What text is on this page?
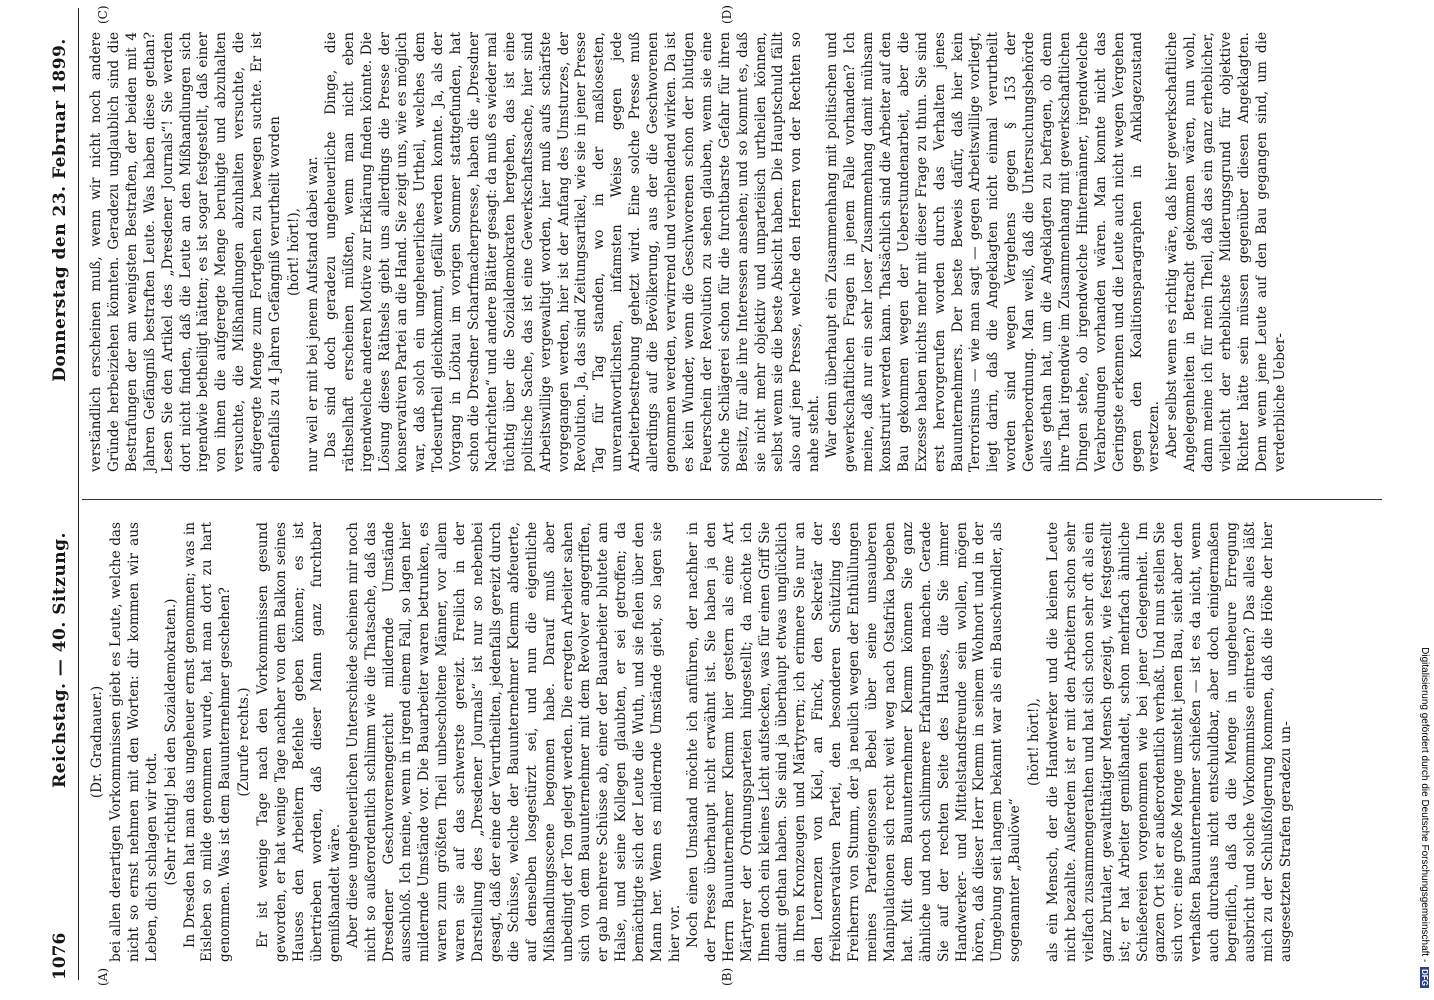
1076
Reichstag. — 40. Sitzung.
Donnerstag den 23. Februar 1899.
(A)	(B)
(C)	(D)

(Dr. Gradnauer.) bei allen derartigen Vorkommnissen giebt es Leute, welche das nicht so ernst nehmen mit den Worten: dir kommen wir aus Leben, dich schlagen wir todt. (Sehr richtig! bei den Sozialdemokraten.) In Dresden hat man das ungeheuer ernst genommen; was in Eisleben so milde genommen wurde, hat man dort zu hart genommen. Was ist dem Bauunternehmer geschehen? (Zurufe rechts.) Er ist wenige Tage nach den Vorkommnissen gesund geworden, er hat wenige Tage nachher von dem Balkon seines Hauses den Arbeitern Befehle geben können; es ist übertrieben worden, daß dieser Mann ganz furchtbar gemißhandelt wäre. Aber diese ungeheuerlichen Unterschiede scheinen mir noch nicht so außerordentlich schlimm wie die Thatsache, daß das Dresdener Geschworenengericht mildernde Umstände ausschloß. Ich meine, wenn in irgend einem Fall, so lagen hier mildernde Umstände vor. Die Bauarbeiter waren betrunken, es waren zum größten Theil unbescholtene Männer, vor allem waren sie auf das schwerste gereizt. Freilich in der Darstellung des „Dresdener Journals“ ist nur so nebenbei gesagt, daß der eine der Verurtheilten, jedenfalls gereizt durch die Schüsse, welche der Bauunternehmer Klemm abfeuerte, auf denselben losgestürzt sei, und nun die eigentliche Mißhandlungsscene begonnen habe. Darauf muß aber unbedingt der Ton gelegt werden. Die erregten Arbeiter sahen sich von dem Bauunternehmer mit dem Revolver angegriffen, er gab mehrere Schüsse ab, einer der Bauarbeiter blutete am Halse, und seine Kollegen glaubten, er sei getroffen; da bemächtigte sich der Leute die Wuth, und sie fielen über den Mann her. Wenn es mildernde Umstände giebt, so lagen sie hier vor. Noch einen Umstand möchte ich anführen, der nachher in der Presse überhaupt nicht erwähnt ist. Sie haben ja den Herrn Bauunternehmer Klemm hier gestern als eine Art Märtyrer der Ordnungsparteien hingestellt; da möchte ich Ihnen doch ein kleines Licht aufstecken, was für einen Griff Sie damit gethan haben. Sie sind ja überhaupt etwas unglücklich in Ihren Kronzeugen und Märtyrern; ich erinnere Sie nur an den Lorenzen von Kiel, an Finck, den Sekretär der freikonservativen Partei, den besonderen Schützling des Freiherrn von Stumm, der ja neulich wegen der Enthüllungen meines Parteigenossen Bebel über seine unsauberen Manipulationen sich recht weit weg nach Ostafrika begeben hat. Mit dem Bauunternehmer Klemm können Sie ganz ähnliche und noch schlimmere Erfahrungen machen. Gerade Sie auf der rechten Seite des Hauses, die Sie immer Handwerker- und Mittelstandsfreunde sein wollen, mögen hören, daß dieser Herr Klemm in seinem Wohnort und in der Umgebung seit langem bekannt war als ein Bauschwindler, als sogenannter „Baulöwe“

(hört! hört!), als ein Mensch, der die Handwerker und die kleinen Leute nicht bezahlte. Außerdem ist er mit den Arbeitern schon sehr vielfach zusammengerathen und hat sich schon sehr oft als ein ganz brutaler, gewaltthätiger Mensch gezeigt, wie festgestellt ist; er hat Arbeiter gemißhandelt, schon mehrfach ähnliche Schießereien vorgenommen wie bei jener Gelegenheit. Im ganzen Ort ist er außerordentlich verhaßt. Und nun stellen Sie sich vor: eine große Menge umsteht jenen Bau, sieht aber den verhaßten Bauunternehmer schießen — ist es da nicht, wenn auch durchaus nicht entschuldbar, aber doch einigermaßen begreiflich, daß da die Menge in ungeheure Erregung ausbricht und solche Vorkommnisse eintreten? Das alles läßt mich zu der Schlußfolgerung kommen, daß die Höhe der hier ausgesetzten Strafen geradezu un-

verständlich erscheinen muß, wenn wir nicht noch andere Gründe herbeiziehen könnten. Geradezu unglaublich sind die Bestrafungen der am wenigsten Bestraften, der beiden mit 4 Jahren Gefängniß bestraften Leute. Was haben diese gethan? Lesen Sie den Artikel des „Dresdener Journals“! Sie werden dort nicht finden, daß die Leute an den Mißhandlungen sich irgendwie betheiligt hätten; es ist sogar festgestellt, daß einer von ihnen die aufgeregte Menge beruhigte und abzuhalten versuchte, die Mißhandlungen abzuhalten versuchte, die aufgeregte Menge zum Fortgehen zu bewegen suchte. Er ist ebenfalls zu 4 Jahren Gefängniß verurtheilt worden (hört! hört!), nur weil er mit bei jenem Aufstand dabei war. Das sind doch geradezu ungeheuerliche Dinge, die räthselhaft erscheinen müßten, wenn man nicht eben irgendwelche anderen Motive zur Erklärung finden könnte. Die Lösung dieses Räthsels giebt uns allerdings die Presse der konservativen Partei an die Hand. Sie zeigt uns, wie es möglich war, daß solch ein ungeheuerliches Urtheil, welches dem Todesurtheil gleichkommt, gefällt werden konnte. Ja, als der Vorgang in Löbtau im vorigen Sommer stattgefunden, hat schon die Dresdner Scharfmacherpresse, haben die „Dresdner Nachrichten“ und andere Blätter gesagt: da muß es wieder mal tüchtig über die Sozialdemokraten hergehen, das ist eine politische Sache, das ist eine Gewerkschaftssache, hier sind Arbeitswillige vergewaltigt worden, hier muß aufs schärfste vorgegangen werden, hier ist der Anfang des Umsturzes, der Revolution. Ja, das sind Zeitungsartikel, wie sie in jener Presse Tag für Tag standen, wo in der maßlosesten, unverantwortlichsten, infamsten Weise gegen jede Arbeiterbestrebung gehetzt wird. Eine solche Presse muß allerdings auf die Bevölkerung, aus der die Geschworenen genommen werden, verwirrend und verblendend wirken. Da ist es kein Wunder, wenn die Geschworenen schon der blutigen Feuerschein der Revolution zu sehen glauben, wenn sie eine solche Schlägerei schon für die furchtbarste Gefahr für ihren Besitz, für alle ihre Interessen ansehen; und so kommt es, daß sie nicht mehr objektiv und unparteiisch urtheilen können, selbst wenn sie die beste Absicht haben. Die Hauptschuld fällt also auf jene Presse, welche den Herren von der Rechten so nahe steht. War denn überhaupt ein Zusammenhang mit politischen und gewerkschaftlichen Fragen in jenem Falle vorhanden? Ich meine, daß nur ein sehr loser Zusammenhang damit mühsam konstruirt werden kann. Thatsächlich sind die Arbeiter auf den Bau gekommen wegen der Ueberstundenarbeit, aber die Exzesse haben nichts mehr mit dieser Frage zu thun. Sie sind erst hervorgerufen worden durch das Verhalten jenes Bauunternehmers. Der beste Beweis dafür, daß hier kein Terrorismus — wie man sagt — gegen Arbeitswillige vorliegt, liegt darin, daß die Angeklagten nicht einmal verurtheilt worden sind wegen Vergehens gegen § 153 der Gewerbeordnung. Man weiß, daß die Untersuchungsbehörde alles gethan hat, um die Angeklagten zu befragen, ob denn ihre That irgendwie im Zusammenhang mit gewerkschaftlichen Dingen stehe, ob irgendwelche Hintermänner, irgendwelche Verabredungen vorhanden wären. Man konnte nicht das Geringste erkennen und die Leute auch nicht wegen Vergehen gegen den Koalitionsparagraphen in Anklagezustand versetzen. Aber selbst wenn es richtig wäre, daß hier gewerkschaftliche Angelegenheiten in Betracht gekommen wären, nun wohl, dann meine ich für mein Theil, daß das ein ganz erheblicher, vielleicht der erheblichste Milderungsgrund für objektive Richter hätte sein müssen gegenüber diesen Angeklagten. Denn wenn jene Leute auf den Bau gegangen sind, um die verderbliche Ueber-

Digitalisierung gefördert durch die Deutsche Forschungsgemeinschaft - DFG
